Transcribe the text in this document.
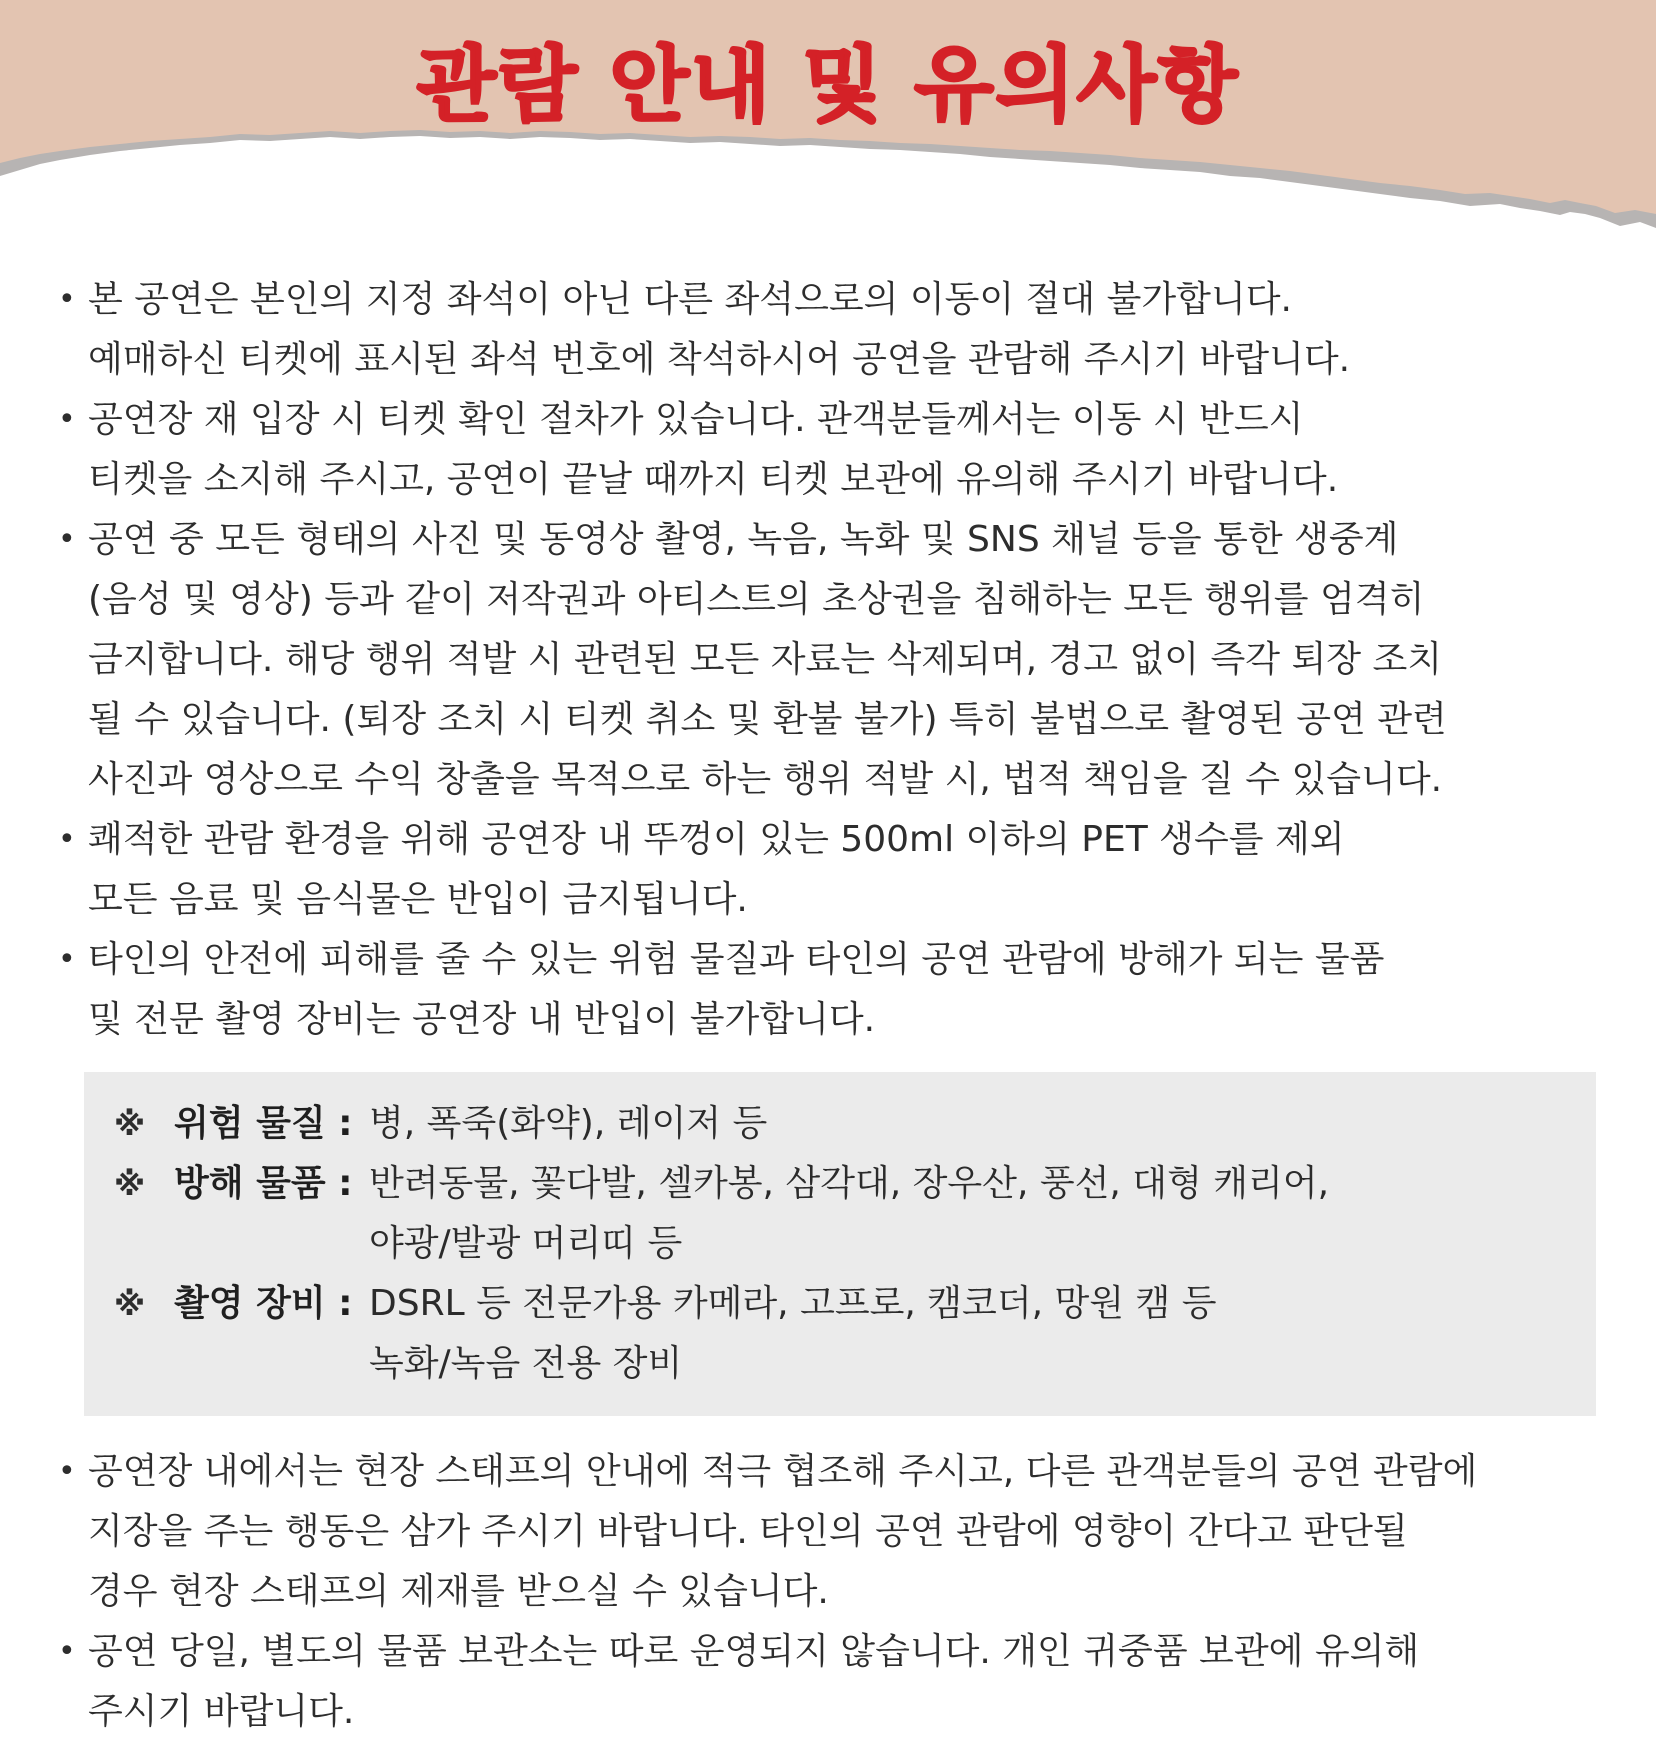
관람 안내 및 유의사항
• 본 공연은 본인의 지정 좌석이 아닌 다른 좌석으로의 이동이 절대 불가합니다.
예매하신 티켓에 표시된 좌석 번호에 착석하시어 공연을 관람해 주시기 바랍니다.
• 공연장 재 입장 시 티켓 확인 절차가 있습니다. 관객분들께서는 이동 시 반드시
티켓을 소지해 주시고, 공연이 끝날 때까지 티켓 보관에 유의해 주시기 바랍니다.
• 공연 중 모든 형태의 사진 및 동영상 촬영, 녹음, 녹화 및 SNS 채널 등을 통한 생중계
(음성 및 영상) 등과 같이 저작권과 아티스트의 초상권을 침해하는 모든 행위를 엄격히
금지합니다. 해당 행위 적발 시 관련된 모든 자료는 삭제되며, 경고 없이 즉각 퇴장 조치
될 수 있습니다. (퇴장 조치 시 티켓 취소 및 환불 불가) 특히 불법으로 촬영된 공연 관련
사진과 영상으로 수익 창출을 목적으로 하는 행위 적발 시, 법적 책임을 질 수 있습니다.
• 쾌적한 관람 환경을 위해 공연장 내 뚜껑이 있는 500ml 이하의 PET 생수를 제외
모든 음료 및 음식물은 반입이 금지됩니다.
• 타인의 안전에 피해를 줄 수 있는 위험 물질과 타인의 공연 관람에 방해가 되는 물품
및 전문 촬영 장비는 공연장 내 반입이 불가합니다.
※ 위험 물질 : 병, 폭죽(화약), 레이저 등
※ 방해 물품 : 반려동물, 꽃다발, 셀카봉, 삼각대, 장우산, 풍선, 대형 캐리어,
야광/발광 머리띠 등
※ 촬영 장비 : DSRL 등 전문가용 카메라, 고프로, 캠코더, 망원 캠 등
녹화/녹음 전용 장비
• 공연장 내에서는 현장 스태프의 안내에 적극 협조해 주시고, 다른 관객분들의 공연 관람에
지장을 주는 행동은 삼가 주시기 바랍니다. 타인의 공연 관람에 영향이 간다고 판단될
경우 현장 스태프의 제재를 받으실 수 있습니다.
• 공연 당일, 별도의 물품 보관소는 따로 운영되지 않습니다. 개인 귀중품 보관에 유의해
주시기 바랍니다.
